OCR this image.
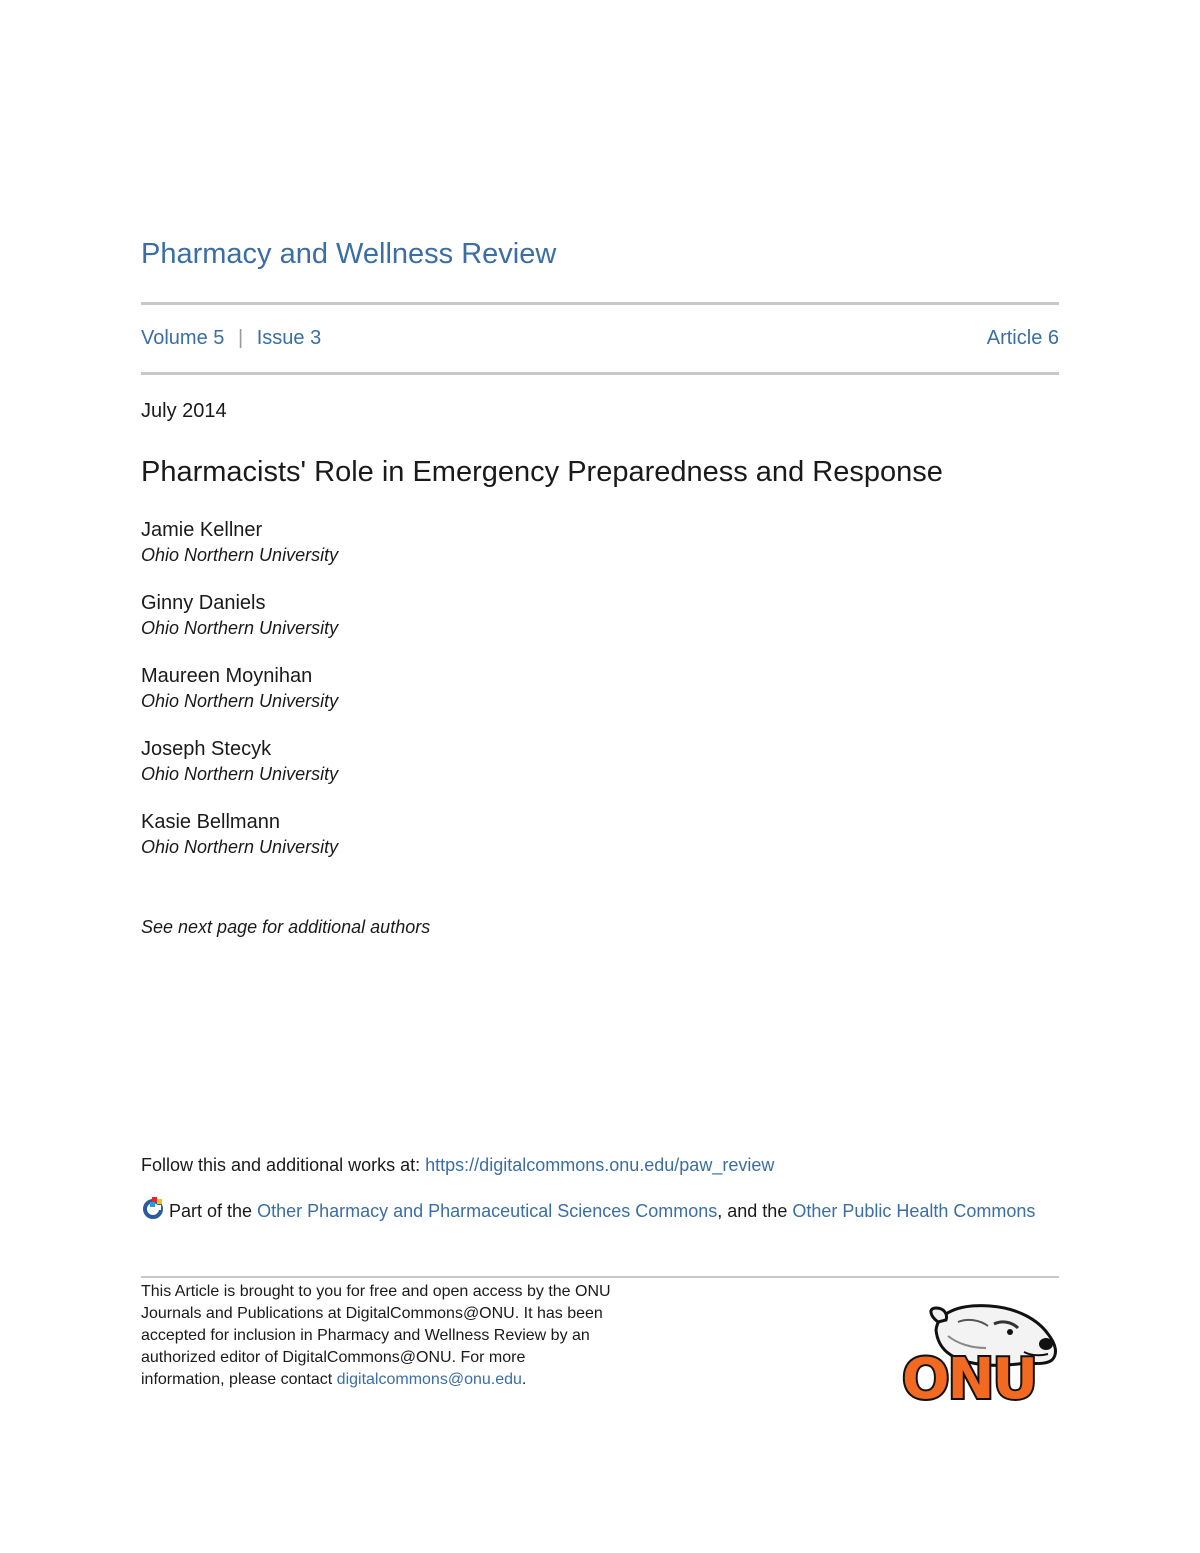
Pharmacy and Wellness Review
Volume 5 | Issue 3	Article 6
July 2014
Pharmacists' Role in Emergency Preparedness and Response
Jamie Kellner
Ohio Northern University
Ginny Daniels
Ohio Northern University
Maureen Moynihan
Ohio Northern University
Joseph Stecyk
Ohio Northern University
Kasie Bellmann
Ohio Northern University
See next page for additional authors
Follow this and additional works at: https://digitalcommons.onu.edu/paw_review
Part of the Other Pharmacy and Pharmaceutical Sciences Commons, and the Other Public Health Commons
This Article is brought to you for free and open access by the ONU Journals and Publications at DigitalCommons@ONU. It has been accepted for inclusion in Pharmacy and Wellness Review by an authorized editor of DigitalCommons@ONU. For more information, please contact digitalcommons@onu.edu.	ONU
